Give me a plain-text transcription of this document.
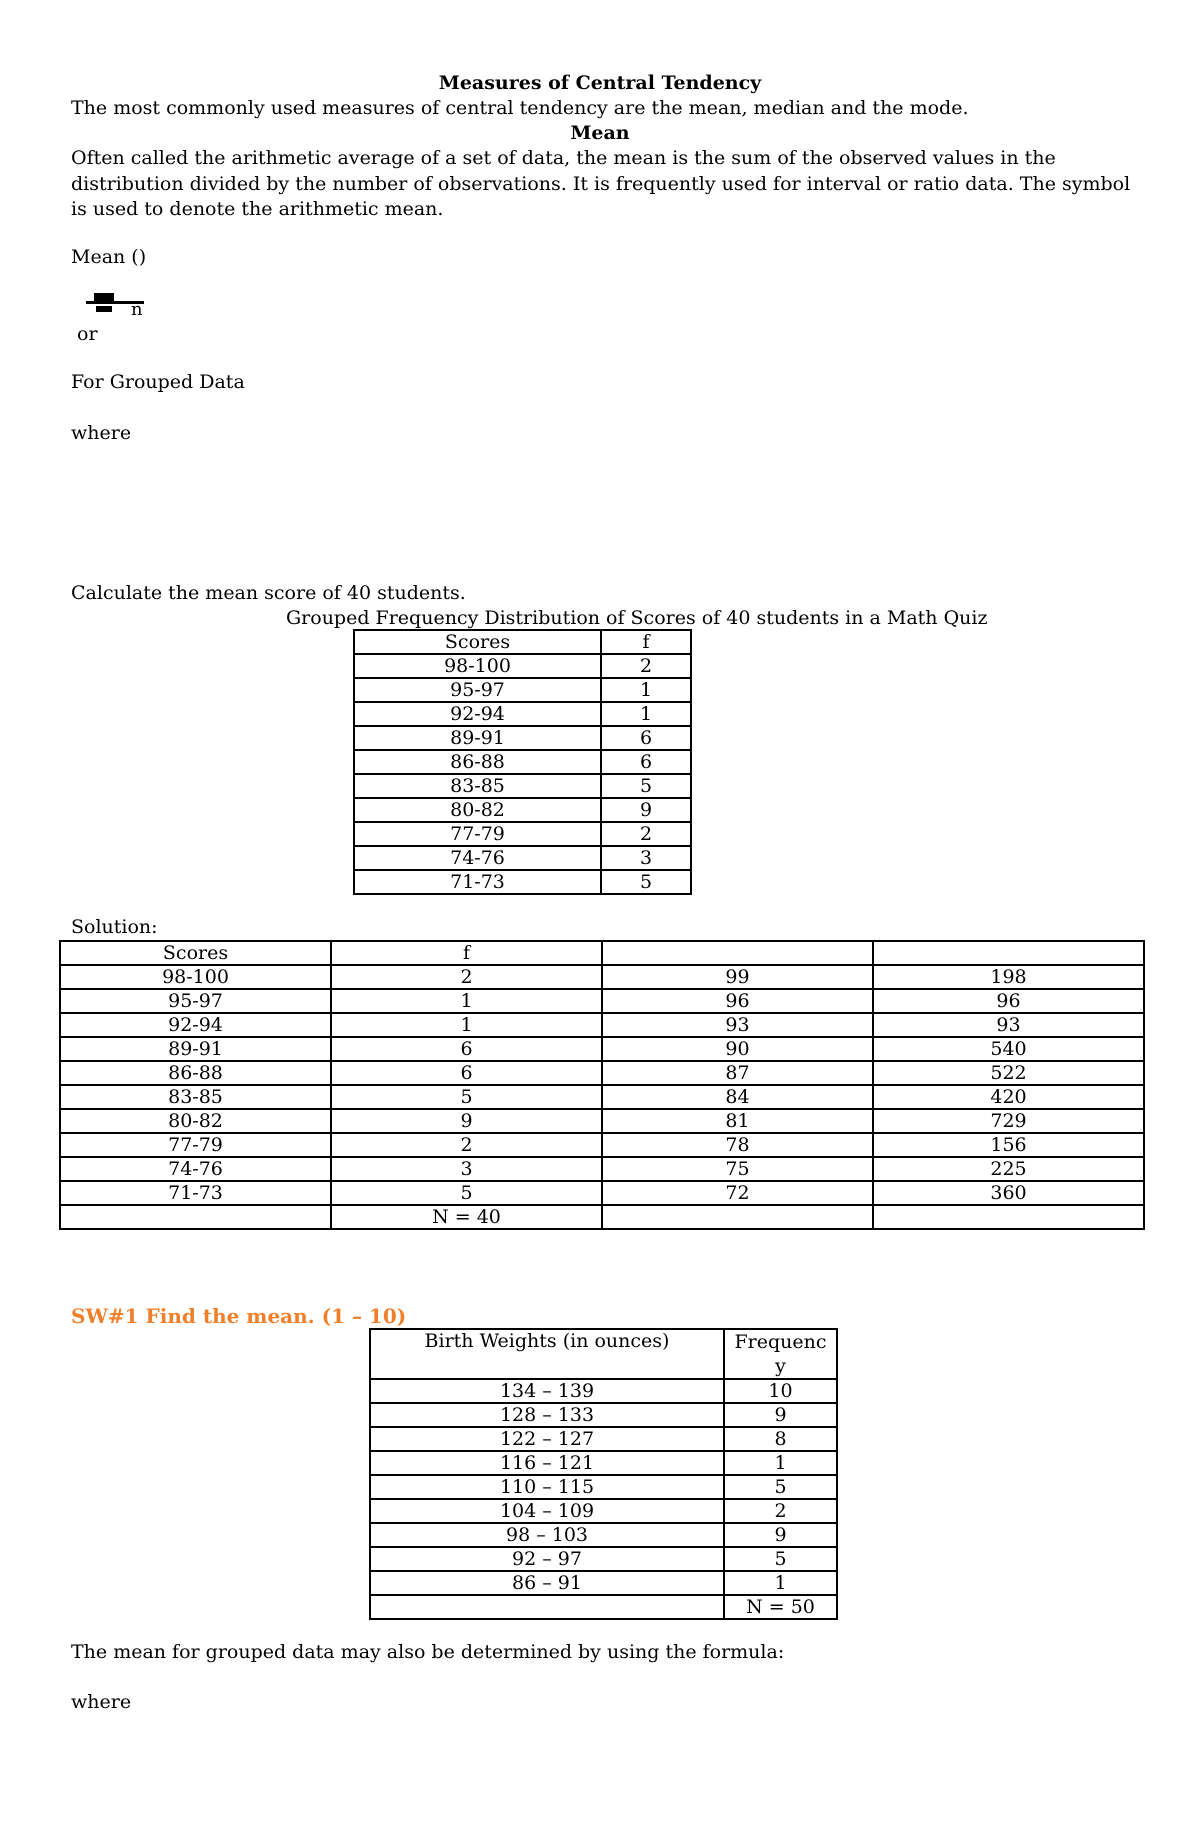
Measures of Central Tendency
The most commonly used measures of central tendency are the mean, median and the mode.
Mean
Often called the arithmetic average of a set of data, the mean is the sum of the observed values in the distribution divided by the number of observations. It is frequently used for interval or ratio data. The symbol is used to denote the arithmetic mean.
Mean ()
n
or
For Grouped Data
where
Calculate the mean score of 40 students.
Grouped Frequency Distribution of Scores of 40 students in a Math Quiz
Scores	f
98-100	2
95-97	1
92-94	1
89-91	6
86-88	6
83-85	5
80-82	9
77-79	2
74-76	3
71-73	5
Solution:
Scores	f		
98-100	2	99	198
95-97	1	96	96
92-94	1	93	93
89-91	6	90	540
86-88	6	87	522
83-85	5	84	420
80-82	9	81	729
77-79	2	78	156
74-76	3	75	225
71-73	5	72	360
	N = 40		
SW#1 Find the mean. (1 – 10)
Birth Weights (in ounces)	Frequenc
y
134 – 139	10
128 – 133	9
122 – 127	8
116 – 121	1
110 – 115	5
104 – 109	2
98 – 103	9
92 – 97	5
86 – 91	1
	N = 50
The mean for grouped data may also be determined by using the formula:
where
